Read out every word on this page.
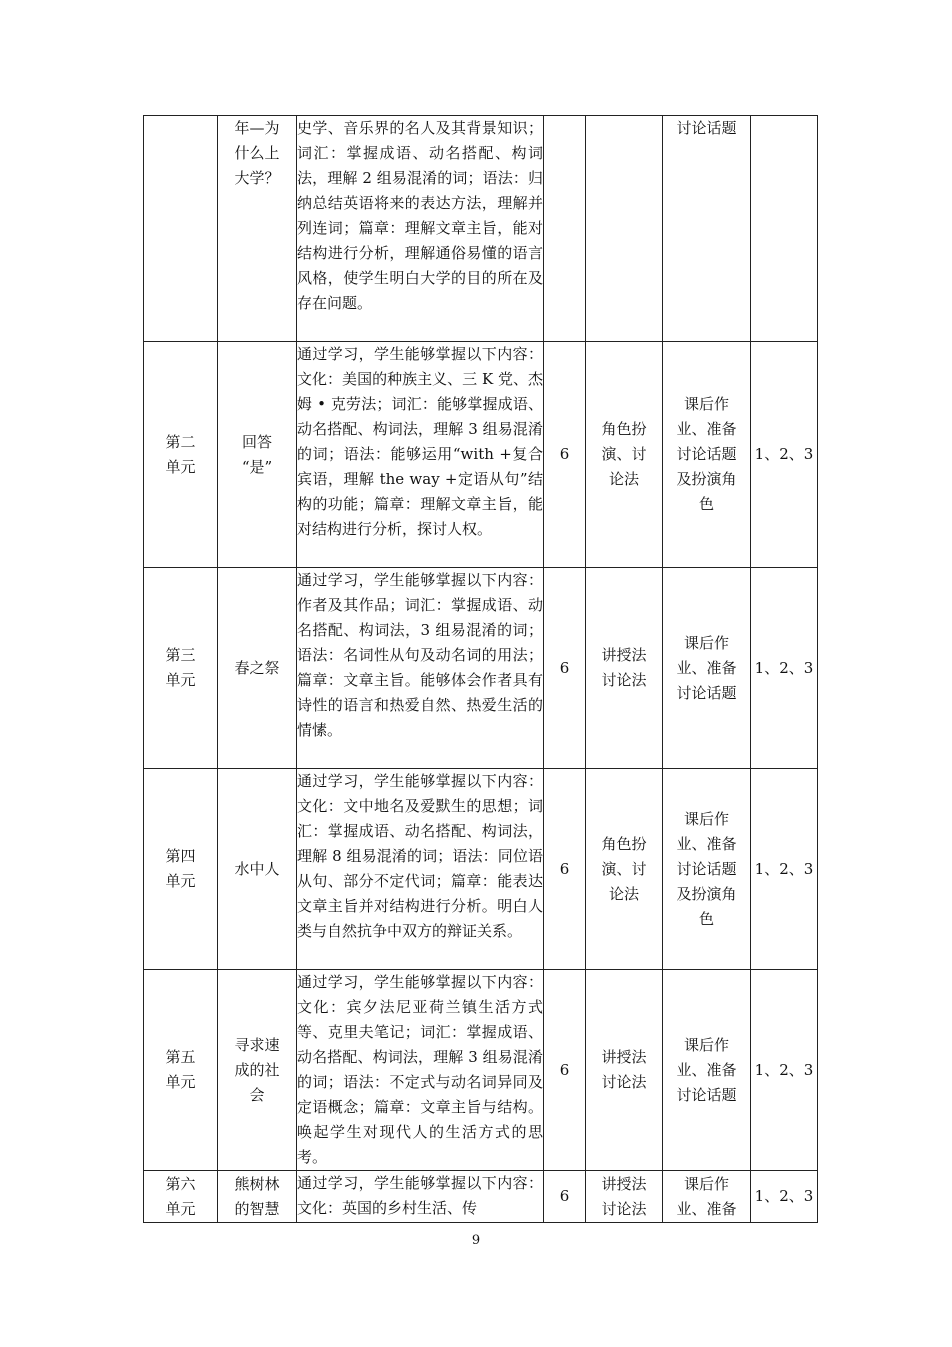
	年—为
什么上
大学？	史学、音乐界的名人及其背景知识；词汇：掌握成语、动名搭配、构词法，理解 2 组易混淆的词；语法：归纳总结英语将来的表达方法，理解并列连词；篇章：理解文章主旨，能对结构进行分析，理解通俗易懂的语言风格，使学生明白大学的目的所在及存在问题。			讨论话题	

第二
单元	回答
“是”	通过学习，学生能够掌握以下内容：文化：美国的种族主义、三 K 党、杰姆 • 克劳法；词汇：能够掌握成语、动名搭配、构词法，理解 3 组易混淆的词；语法：能够运用“with +复合宾语，理解 the way +定语从句”结构的功能；篇章：理解文章主旨，能对结构进行分析，探讨人权。	6	角色扮
演、讨
论法	课后作
业、准备
讨论话题
及扮演角
色	1、2、3

第三
单元	春之祭	通过学习，学生能够掌握以下内容：作者及其作品；词汇：掌握成语、动名搭配、构词法，3 组易混淆的词；语法：名词性从句及动名词的用法；篇章：文章主旨。能够体会作者具有诗性的语言和热爱自然、热爱生活的情愫。	6	讲授法
讨论法	课后作
业、准备
讨论话题	1、2、3

第四
单元	水中人	通过学习，学生能够掌握以下内容：文化：文中地名及爱默生的思想；词汇：掌握成语、动名搭配、构词法，理解 8 组易混淆的词；语法：同位语从句、部分不定代词；篇章：能表达文章主旨并对结构进行分析。明白人类与自然抗争中双方的辩证关系。	6	角色扮
演、讨
论法	课后作
业、准备
讨论话题
及扮演角
色	1、2、3

第五
单元	寻求速
成的社
会	通过学习，学生能够掌握以下内容：文化：宾夕法尼亚荷兰镇生活方式等、克里夫笔记；词汇：掌握成语、动名搭配、构词法，理解 3 组易混淆的词；语法：不定式与动名词异同及定语概念；篇章：文章主旨与结构。唤起学生对现代人的生活方式的思考。	6	讲授法
讨论法	课后作
业、准备
讨论话题	1、2、3

第六
单元	熊树林
的智慧	通过学习，学生能够掌握以下内容：文化：英国的乡村生活、传	6	讲授法
讨论法	课后作
业、准备	1、2、3
9
